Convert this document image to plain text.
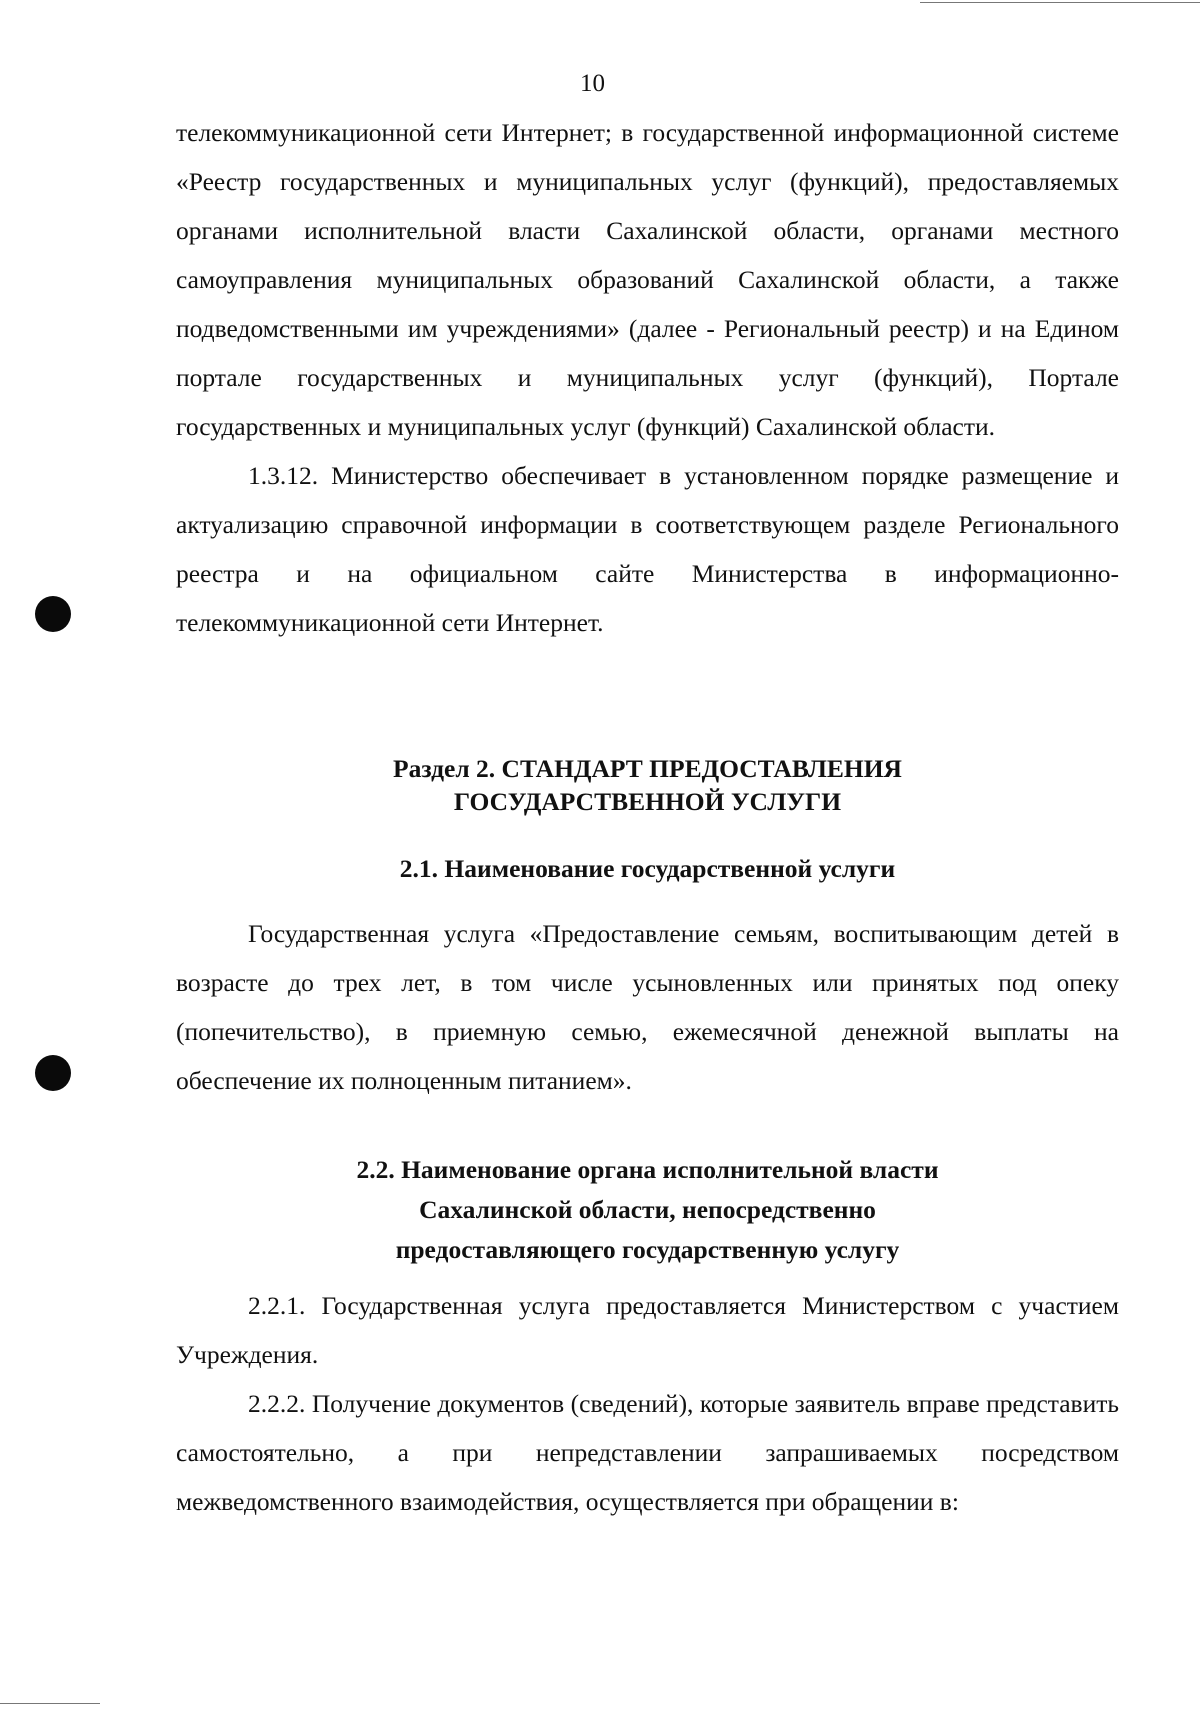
10

телекоммуникационной сети Интернет; в государственной информационной системе «Реестр государственных и муниципальных услуг (функций), предоставляемых органами исполнительной власти Сахалинской области, органами местного самоуправления муниципальных образований Сахалинской области, а также подведомственными им учреждениями» (далее - Региональный реестр) и на Едином портале государственных и муниципальных услуг (функций), Портале государственных и муниципальных услуг (функций) Сахалинской области.

1.3.12. Министерство обеспечивает в установленном порядке размещение и актуализацию справочной информации в соответствующем разделе Регионального реестра и на официальном сайте Министерства в информационно-телекоммуникационной сети Интернет.

Раздел 2. СТАНДАРТ ПРЕДОСТАВЛЕНИЯ
ГОСУДАРСТВЕННОЙ УСЛУГИ
2.1. Наименование государственной услуги

Государственная услуга «Предоставление семьям, воспитывающим детей в возрасте до трех лет, в том числе усыновленных или принятых под опеку (попечительство), в приемную семью, ежемесячной денежной выплаты на обеспечение их полноценным питанием».

2.2. Наименование органа исполнительной власти
Сахалинской области, непосредственно
предоставляющего государственную услугу

2.2.1. Государственная услуга предоставляется Министерством с участием Учреждения.

2.2.2. Получение документов (сведений), которые заявитель вправе представить самостоятельно, а при непредставлении запрашиваемых посредством межведомственного взаимодействия, осуществляется при обращении в:
